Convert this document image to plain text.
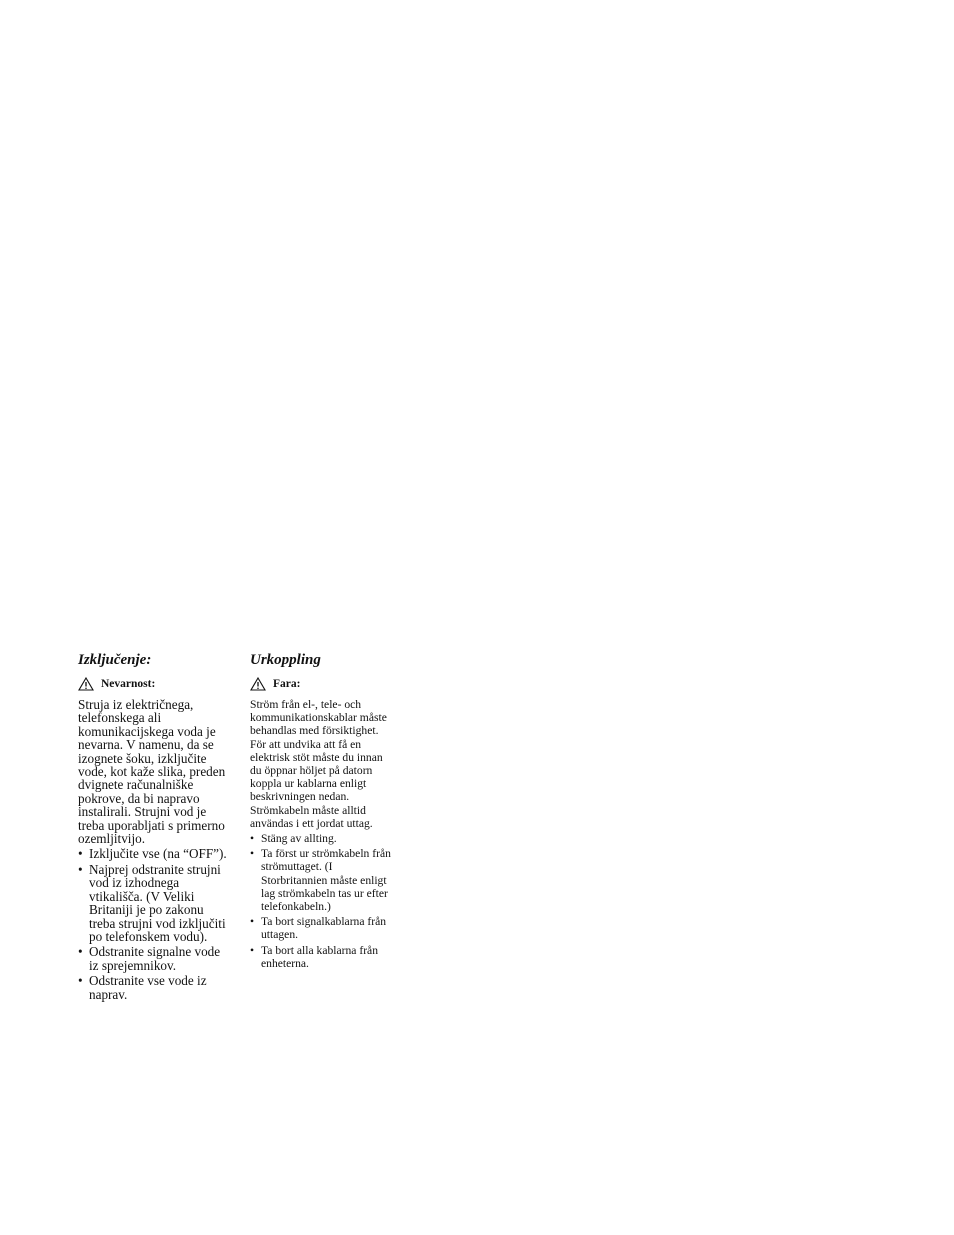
Izključenje:
Nevarnost:
Struja iz električnega,
telefonskega ali
komunikacijskega voda je
nevarna. V namenu, da se
izognete šoku, izključite
vode, kot kaže slika, preden
dvignete računalniške
pokrove, da bi napravo
instalirali. Strujni vod je
treba uporabljati s primerno
ozemljitvijo.
• Izključite vse (na “OFF”).
• Najprej odstranite strujni
vod iz izhodnega
vtikališča. (V Veliki
Britaniji je po zakonu
treba strujni vod izključiti
po telefonskem vodu).
• Odstranite signalne vode
iz sprejemnikov.
• Odstranite vse vode iz
naprav.
Urkoppling
Fara:
Ström från el-, tele- och
kommunikationskablar måste
behandlas med försiktighet.
För att undvika att få en
elektrisk stöt måste du innan
du öppnar höljet på datorn
koppla ur kablarna enligt
beskrivningen nedan.
Strömkabeln måste alltid
användas i ett jordat uttag.
• Stäng av allting.
• Ta först ur strömkabeln från
strömuttaget. (I
Storbritannien måste enligt
lag strömkabeln tas ur efter
telefonkabeln.)
• Ta bort signalkablarna från
uttagen.
• Ta bort alla kablarna från
enheterna.
